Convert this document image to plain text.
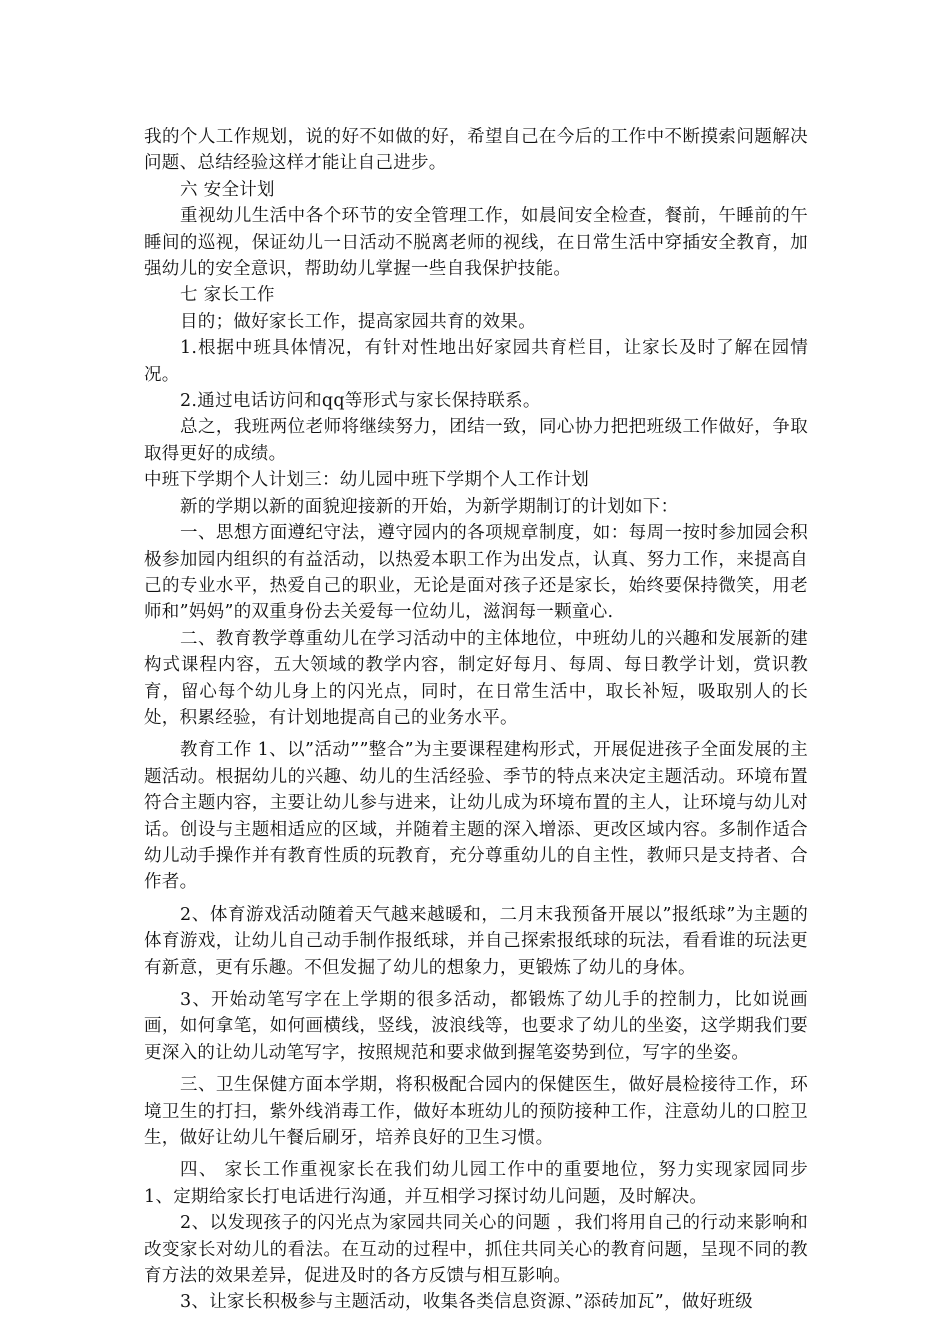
我的个人工作规划，说的好不如做的好，希望自己在今后的工作中不断摸索问题解决问题、总结经验这样才能让自己进步。

六 安全计划

重视幼儿生活中各个环节的安全管理工作，如晨间安全检查，餐前，午睡前的午睡间的巡视，保证幼儿一日活动不脱离老师的视线，在日常生活中穿插安全教育，加强幼儿的安全意识，帮助幼儿掌握一些自我保护技能。

七 家长工作

目的；做好家长工作，提高家园共育的效果。

1.根据中班具体情况，有针对性地出好家园共育栏目，让家长及时了解在园情况。

2.通过电话访问和qq等形式与家长保持联系。

总之，我班两位老师将继续努力，团结一致，同心协力把把班级工作做好，争取取得更好的成绩。

中班下学期个人计划三：幼儿园中班下学期个人工作计划

新的学期以新的面貌迎接新的开始，为新学期制订的计划如下：

一、思想方面遵纪守法，遵守园内的各项规章制度，如：每周一按时参加园会积极参加园内组织的有益活动，以热爱本职工作为出发点，认真、努力工作，来提高自己的专业水平，热爱自己的职业，无论是面对孩子还是家长，始终要保持微笑，用老师和”妈妈”的双重身份去关爱每一位幼儿，滋润每一颗童心.

二、教育教学尊重幼儿在学习活动中的主体地位，中班幼儿的兴趣和发展新的建构式课程内容，五大领域的教学内容，制定好每月、每周、每日教学计划，赏识教育，留心每个幼儿身上的闪光点，同时，在日常生活中，取长补短，吸取别人的长处，积累经验，有计划地提高自己的业务水平。

教育工作 1、以”活动””整合”为主要课程建构形式，开展促进孩子全面发展的主题活动。根据幼儿的兴趣、幼儿的生活经验、季节的特点来决定主题活动。环境布置符合主题内容，主要让幼儿参与进来，让幼儿成为环境布置的主人，让环境与幼儿对话。创设与主题相适应的区域，并随着主题的深入增添、更改区域内容。多制作适合幼儿动手操作并有教育性质的玩教育，充分尊重幼儿的自主性，教师只是支持者、合作者。

2、体育游戏活动随着天气越来越暖和，二月末我预备开展以”报纸球”为主题的体育游戏，让幼儿自己动手制作报纸球，并自己探索报纸球的玩法，看看谁的玩法更有新意，更有乐趣。不但发掘了幼儿的想象力，更锻炼了幼儿的身体。

3、开始动笔写字在上学期的很多活动，都锻炼了幼儿手的控制力，比如说画画，如何拿笔，如何画横线，竖线，波浪线等，也要求了幼儿的坐姿，这学期我们要更深入的让幼儿动笔写字，按照规范和要求做到握笔姿势到位，写字的坐姿。

三、卫生保健方面本学期，将积极配合园内的保健医生，做好晨检接待工作，环境卫生的打扫，紫外线消毒工作，做好本班幼儿的预防接种工作，注意幼儿的口腔卫生，做好让幼儿午餐后刷牙，培养良好的卫生习惯。

四、 家长工作重视家长在我们幼儿园工作中的重要地位，努力实现家园同步 1、定期给家长打电话进行沟通，并互相学习探讨幼儿问题，及时解决。

2、以发现孩子的闪光点为家园共同关心的问题 ，我们将用自己的行动来影响和改变家长对幼儿的看法。在互动的过程中，抓住共同关心的教育问题，呈现不同的教育方法的效果差异，促进及时的各方反馈与相互影响。

3、让家长积极参与主题活动，收集各类信息资源、”添砖加瓦”，做好班级
